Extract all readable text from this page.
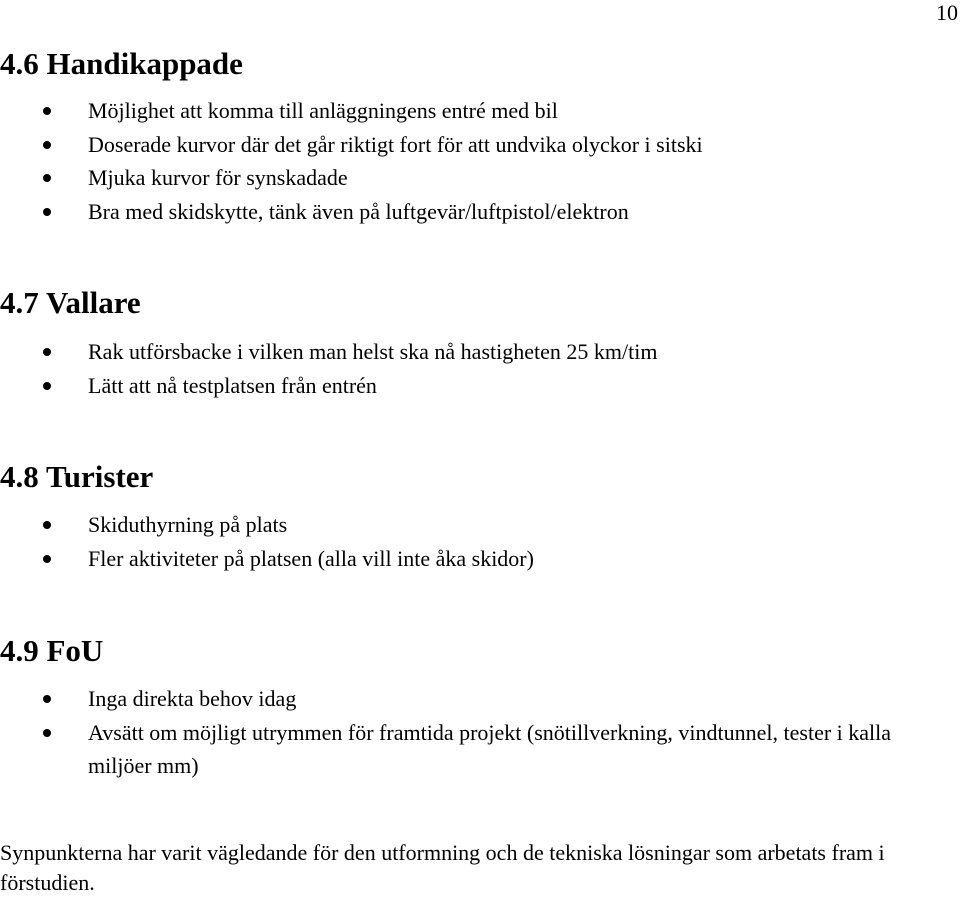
10
4.6 Handikappade
Möjlighet att komma till anläggningens entré med bil
Doserade kurvor där det går riktigt fort för att undvika olyckor i sitski
Mjuka kurvor för synskadade
Bra med skidskytte, tänk även på luftgevär/luftpistol/elektron
4.7 Vallare
Rak utförsbacke i vilken man helst ska nå hastigheten 25 km/tim
Lätt att nå testplatsen från entrén
4.8 Turister
Skiduthyrning på plats
Fler aktiviteter på platsen (alla vill inte åka skidor)
4.9 FoU
Inga direkta behov idag
Avsätt om möjligt utrymmen för framtida projekt (snötillverkning, vindtunnel, tester i kalla miljöer mm)

Synpunkterna har varit vägledande för den utformning och de tekniska lösningar som arbetats fram i förstudien.
